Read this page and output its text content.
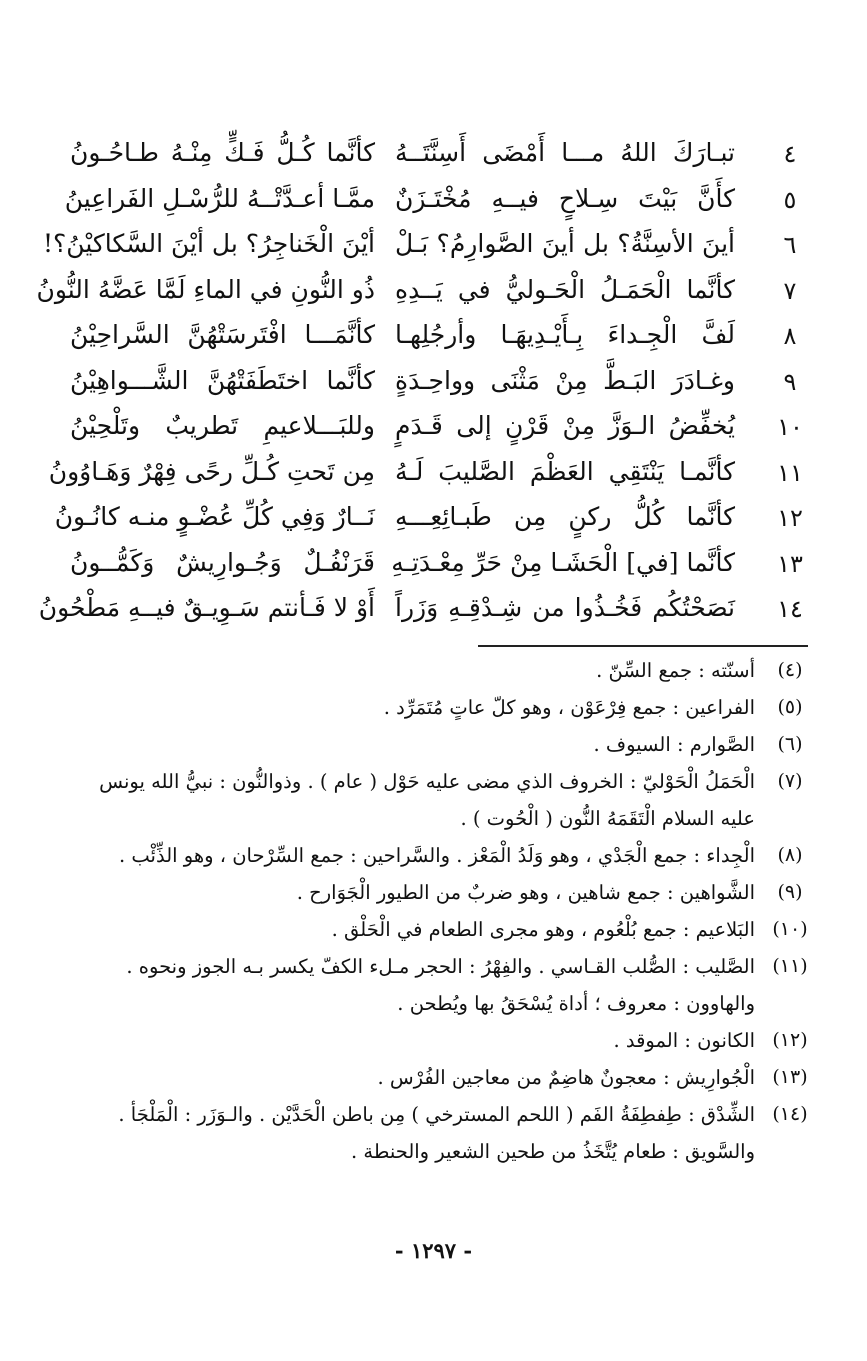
٤
تبـارَكَ اللهُ مـــا أَمْضَى أَسِنَّتَــهُ
كأنَّما كُـلُّ فَـكٍّ مِنْـهُ طـاحُـونُ
٥
كأَنَّ بَيْتَ سِـلاحٍ فيــهِ مُخْتَـزَنٌ
ممَّـا أعـدَّتْــهُ للرُّسْـلِ الفَراعِينُ
٦
أينَ الأسِنَّةُ؟ بل أينَ الصَّوارِمُ؟ بَـلْ
أيْنَ الْخَناجِرُ؟ بل أيْنَ السَّكاكيْنُ؟!
٧
كأنَّما الْحَمَـلُ الْحَـوليُّ في يَــدِهِ
ذُو النُّونِ في الماءِ لَمَّا عَضَّهُ النُّونُ
٨
لَفَّ الْجِـداءَ بِـأَيْـدِيهَـا وأرجُلِهـا
كأنَّمَـــا افْتَرسَتْهُنَّ السَّراحِيْنُ
٩
وغـادَرَ البَـطَّ مِنْ مَثْنَى وواحِـدَةٍ
كأنَّما اختَطَفَتْهُنَّ الشَّـــواهِيْنُ
١٠
يُخفِّضُ الـوَزَّ مِنْ قَرْنٍ إلى قَـدَمٍ
وللبَـــلاعيمِ تَطريبٌ وتَلْحِيْنُ
١١
كأنَّمـا يَنْتَقِي العَظْمَ الصَّليبَ لَـهُ
مِن تَحتِ كُـلِّ رحًى فِهْرٌ وَهَـاوُونُ
١٢
كأنَّما كُلُّ ركنٍ مِن طَبـائِعِـــهِ
نَــارٌ وَفِي كُلِّ عُضْـوٍ منـه كانُـونُ
١٣
كأنَّما [في] الْحَشَـا مِنْ حَرِّ مِعْـدَتِـهِ
قَرَنْفُـلٌ وَجُـوارِيشٌ وَكَمُّــونُ
١٤
نَصَحْتُكُم فَخُـذُوا من شِـدْقِـهِ وَزَراً
أَوْ لا فَـأنتم سَـوِيـقٌ فيــهِ مَطْحُونُ
(٤)
أسنّته : جمع السِّنّ .
(٥)
الفراعين : جمع فِرْعَوْن ، وهو كلّ عاتٍ مُتَمَرِّد .
(٦)
الصَّوارم : السيوف .
(٧)
الْحَمَلُ الْحَوْليّ : الخروف الذي مضى عليه حَوْل ( عام ) . وذوالنُّون : نبيُّ الله يونس عليه السلام الْتَقَمَهُ النُّون ( الْحُوت ) .
(٨)
الْجِداء : جمع الْجَدْي ، وهو وَلَدُ الْمَعْز . والسَّراحين : جمع السِّرْحان ، وهو الذِّئْب .
(٩)
الشَّواهين : جمع شاهين ، وهو ضربٌ من الطيور الْجَوَارح .
(١٠)
البَلاعيم : جمع بُلْعُوم ، وهو مجرى الطعام في الْحَلْق .
(١١)
الصَّليب : الصُّلب القـاسي . والفِهْرُ : الحجر مـلء الكفّ يكسر بـه الجوز ونحوه . والهاوون : معروف ؛ أداة يُسْحَقُ بها ويُطحن .
(١٢)
الكانون : الموقد .
(١٣)
الْجُوارِيش : معجونٌ هاضِمٌ من معاجين الفُرْس .
(١٤)
الشِّدْق : طِفطِفَةُ الفَم ( اللحم المسترخي ) مِن باطن الْحَدَّيْن . والـوَزَر : الْمَلْجَأ . والسَّويق : طعام يُتَّخَذُ من طحين الشعير والحنطة .
- ١٢٩٧ -
